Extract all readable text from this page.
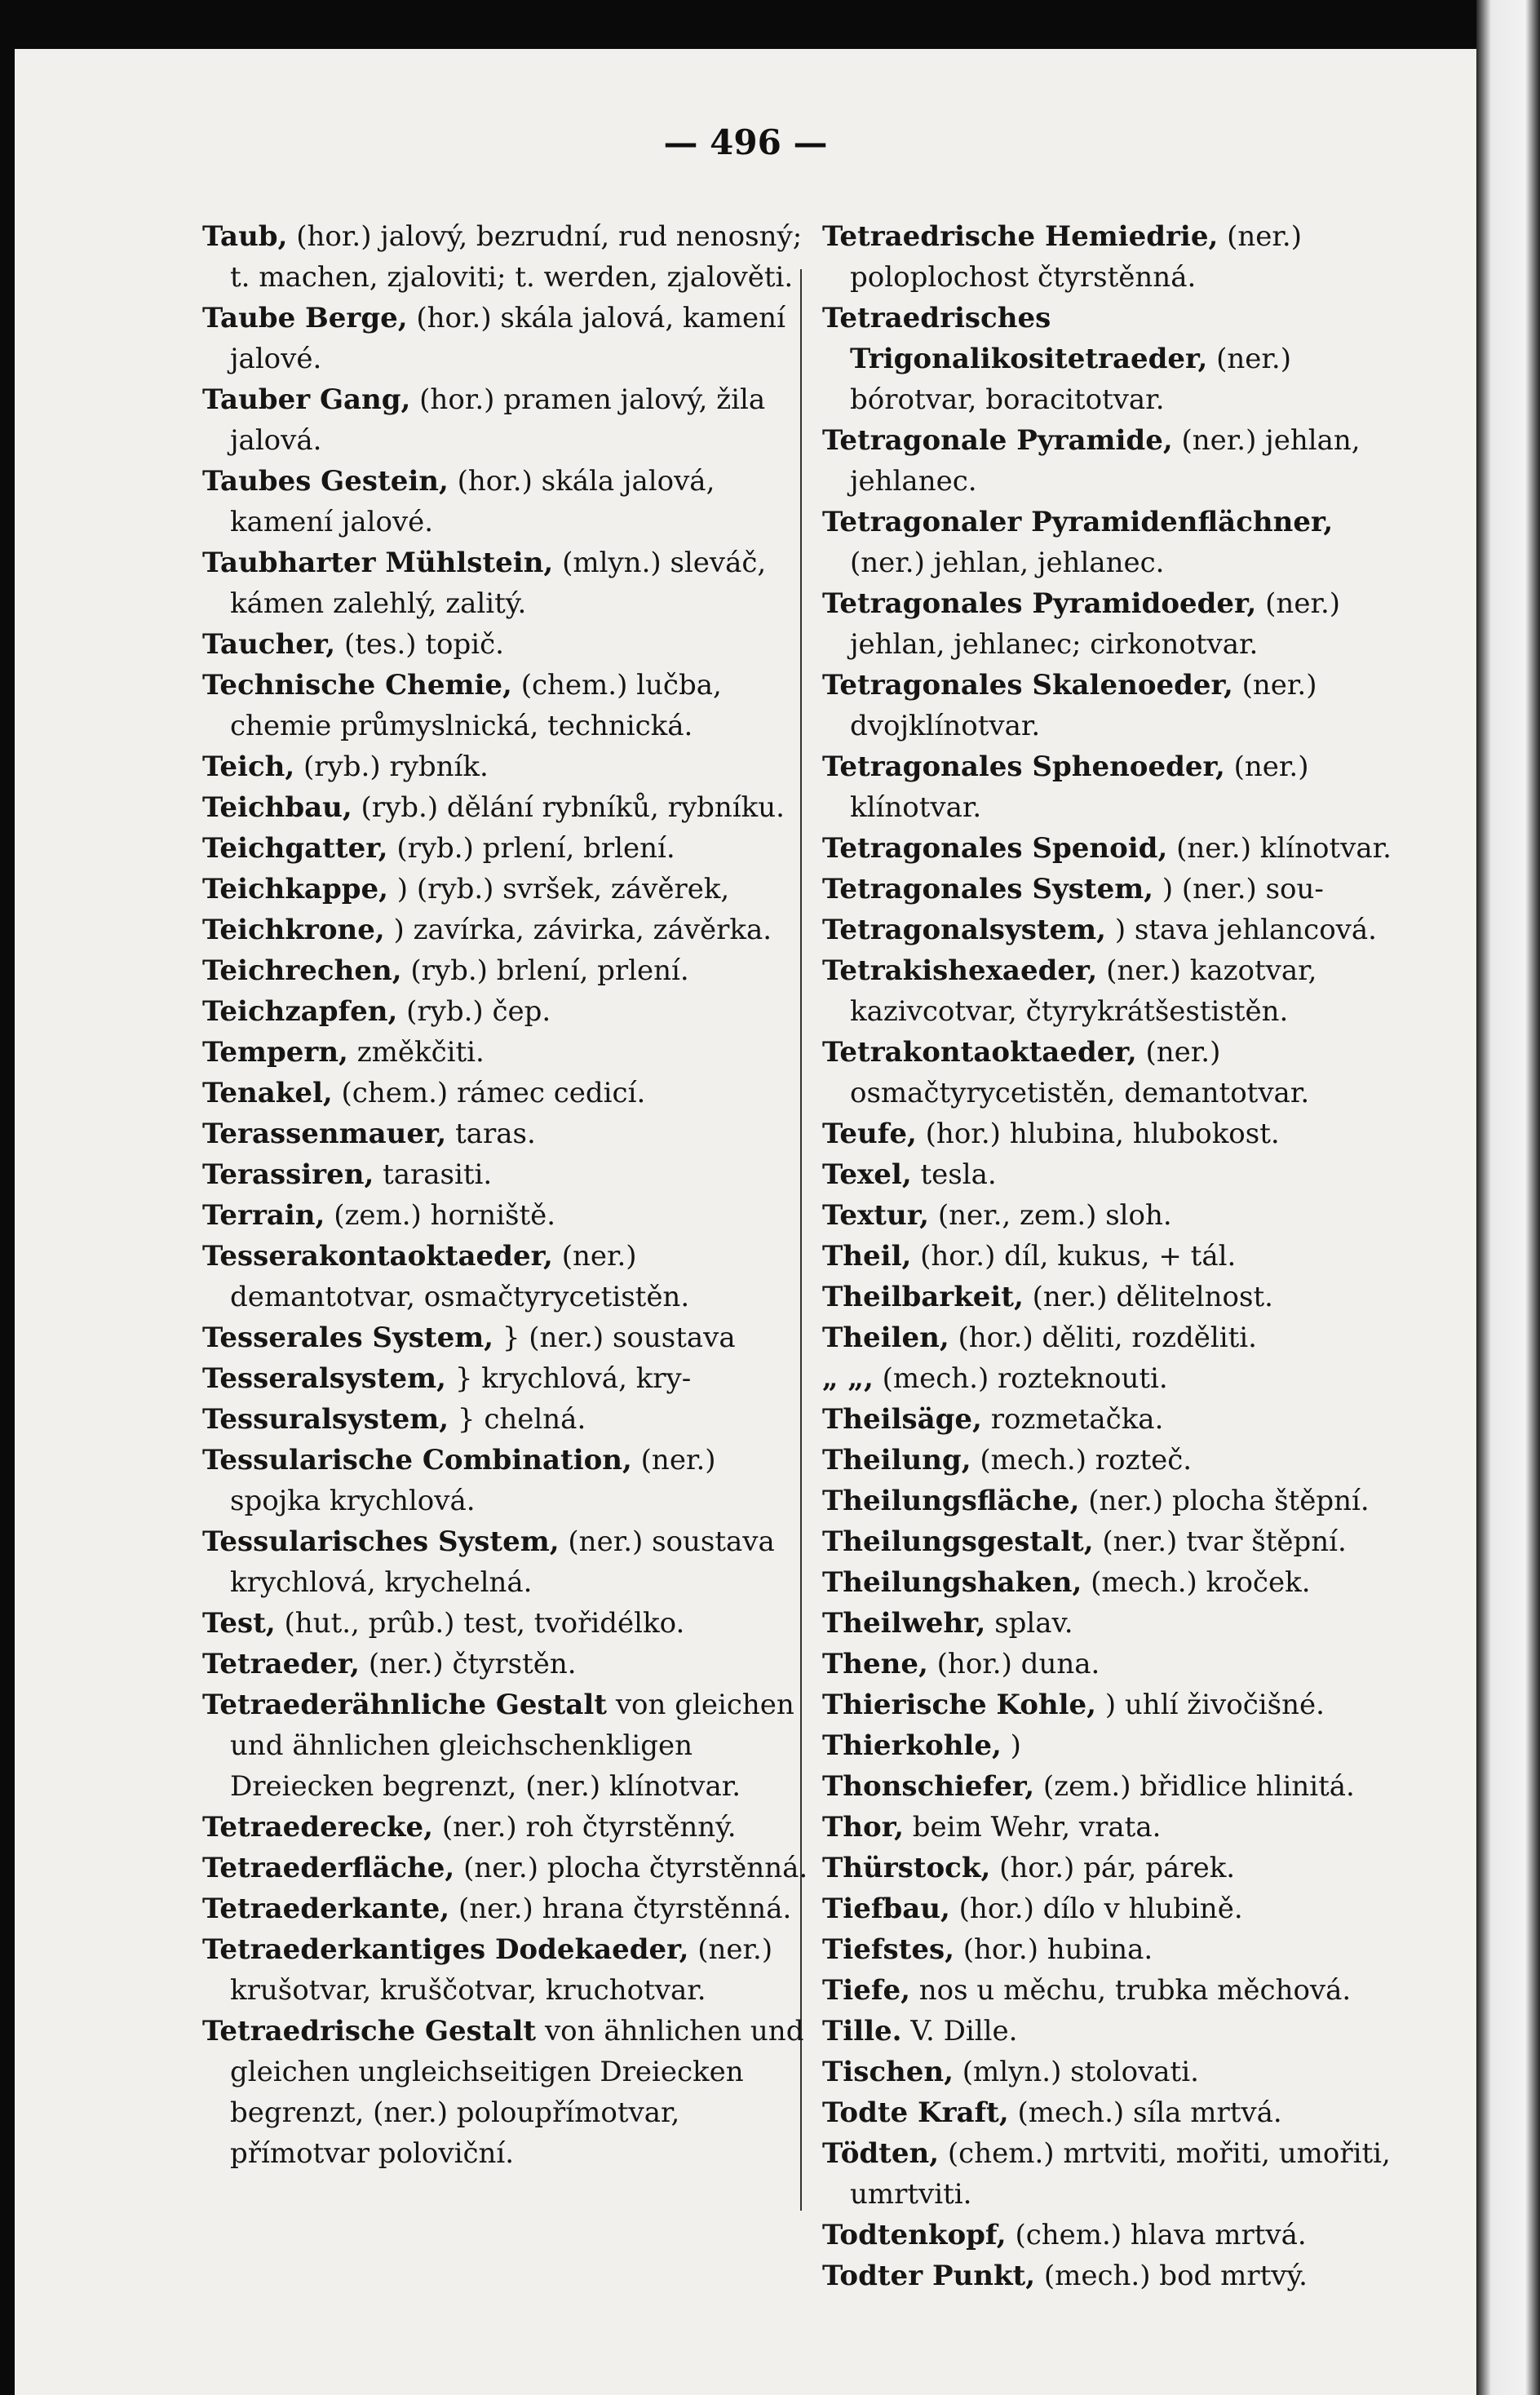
— 496 —

Taub, (hor.) jalový, bezrudní, rud nenosný; t. machen, zjaloviti; t. werden, zjalověti.

Taube Berge, (hor.) skála jalová, kamení jalové.

Tauber Gang, (hor.) pramen jalový, žila jalová.

Taubes Gestein, (hor.) skála jalová, kamení jalové.

Taubharter Mühlstein, (mlyn.) sleváč, kámen zalehlý, zalitý.

Taucher, (tes.) topič.

Technische Chemie, (chem.) lučba, chemie průmyslnická, technická.

Teich, (ryb.) rybník.

Teichbau, (ryb.) dělání rybníků, rybníku.

Teichgatter, (ryb.) prlení, brlení.

Teichkappe, ) (ryb.) svršek, závěrek,

Teichkrone, ) zavírka, závirka, závěrka.

Teichrechen, (ryb.) brlení, prlení.

Teichzapfen, (ryb.) čep.

Tempern, změkčiti.

Tenakel, (chem.) rámec cedicí.

Terassenmauer, taras.

Terassiren, tarasiti.

Terrain, (zem.) horniště.

Tesserakontaoktaeder, (ner.) demantotvar, osmačtyrycetistěn.

Tesserales System, } (ner.) soustava

Tesseralsystem, } krychlová, kry-

Tessuralsystem, } chelná.

Tessularische Combination, (ner.) spojka krychlová.

Tessularisches System, (ner.) soustava krychlová, krychelná.

Test, (hut., prûb.) test, tvořidélko.

Tetraeder, (ner.) čtyrstěn.

Tetraederähnliche Gestalt von gleichen und ähnlichen gleichschenkligen Dreiecken begrenzt, (ner.) klínotvar.

Tetraederecke, (ner.) roh čtyrstěnný.

Tetraederfläche, (ner.) plocha čtyrstěnná.

Tetraederkante, (ner.) hrana čtyrstěnná.

Tetraederkantiges Dodekaeder, (ner.) krušotvar, kruščotvar, kruchotvar.

Tetraedrische Gestalt von ähnlichen und gleichen ungleichseitigen Dreiecken begrenzt, (ner.) poloupřímotvar, přímotvar poloviční.

Tetraedrische Hemiedrie, (ner.) poloplochost čtyrstěnná.

Tetraedrisches Trigonalikositetraeder, (ner.) bórotvar, boracitotvar.

Tetragonale Pyramide, (ner.) jehlan, jehlanec.

Tetragonaler Pyramidenflächner, (ner.) jehlan, jehlanec.

Tetragonales Pyramidoeder, (ner.) jehlan, jehlanec; cirkonotvar.

Tetragonales Skalenoeder, (ner.) dvojklínotvar.

Tetragonales Sphenoeder, (ner.) klínotvar.

Tetragonales Spenoid, (ner.) klínotvar.

Tetragonales System, ) (ner.) sou-

Tetragonalsystem, ) stava jehlancová.

Tetrakishexaeder, (ner.) kazotvar, kazivcotvar, čtyrykrátšestistěn.

Tetrakontaoktaeder, (ner.) osmačtyrycetistěn, demantotvar.

Teufe, (hor.) hlubina, hlubokost.

Texel, tesla.

Textur, (ner., zem.) sloh.

Theil, (hor.) díl, kukus, + tál.

Theilbarkeit, (ner.) dělitelnost.

Theilen, (hor.) děliti, rozděliti.

„ „, (mech.) rozteknouti.

Theilsäge, rozmetačka.

Theilung, (mech.) rozteč.

Theilungsfläche, (ner.) plocha štěpní.

Theilungsgestalt, (ner.) tvar štěpní.

Theilungshaken, (mech.) kroček.

Theilwehr, splav.

Thene, (hor.) duna.

Thierische Kohle, ) uhlí živočišné.

Thierkohle, )

Thonschiefer, (zem.) břidlice hlinitá.

Thor, beim Wehr, vrata.

Thürstock, (hor.) pár, párek.

Tiefbau, (hor.) dílo v hlubině.

Tiefstes, (hor.) hubina.

Tiefe, nos u měchu, trubka měchová.

Tille. V. Dille.

Tischen, (mlyn.) stolovati.

Todte Kraft, (mech.) síla mrtvá.

Tödten, (chem.) mrtviti, mořiti, umořiti, umrtviti.

Todtenkopf, (chem.) hlava mrtvá.

Todter Punkt, (mech.) bod mrtvý.
